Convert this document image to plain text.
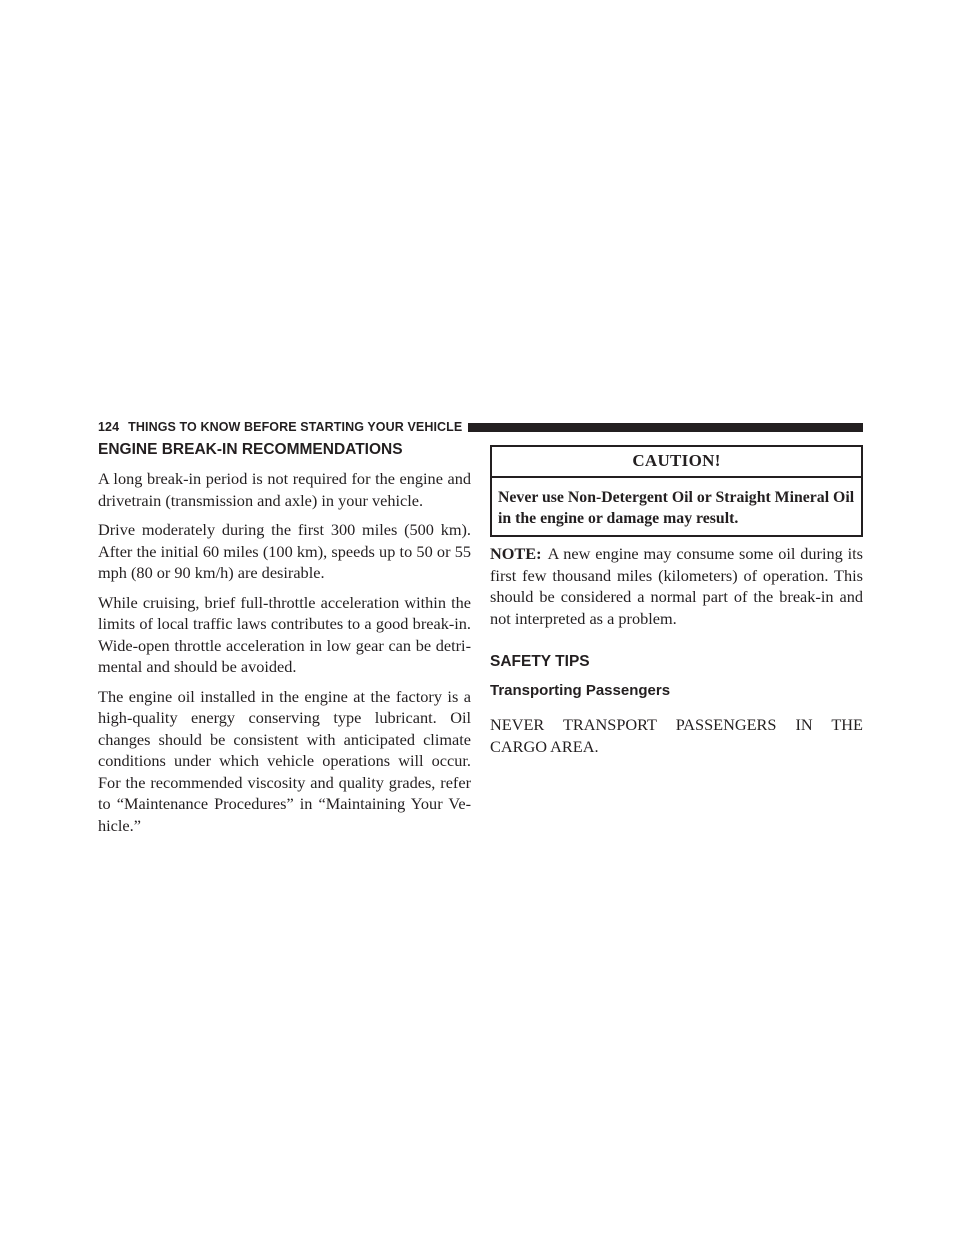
124 THINGS TO KNOW BEFORE STARTING YOUR VEHICLE
ENGINE BREAK-IN RECOMMENDATIONS

A long break-in period is not required for the engine and drivetrain (transmission and axle) in your vehicle.

Drive moderately during the first 300 miles (500 km). After the initial 60 miles (100 km), speeds up to 50 or 55 mph (80 or 90 km/h) are desirable.

While cruising, brief full-throttle acceleration within the limits of local traffic laws contributes to a good break-in. Wide-open throttle acceleration in low gear can be detri-mental and should be avoided.

The engine oil installed in the engine at the factory is a high-quality energy conserving type lubricant. Oil changes should be consistent with anticipated climate conditions under which vehicle operations will occur. For the recommended viscosity and quality grades, refer to “Maintenance Procedures” in “Maintaining Your Ve-hicle.”

CAUTION!
Never use Non-Detergent Oil or Straight Mineral Oil in the engine or damage may result.

NOTE: A new engine may consume some oil during its first few thousand miles (kilometers) of operation. This should be considered a normal part of the break-in and not interpreted as a problem.

SAFETY TIPS
Transporting Passengers

NEVER TRANSPORT PASSENGERS IN THE CARGO AREA.
